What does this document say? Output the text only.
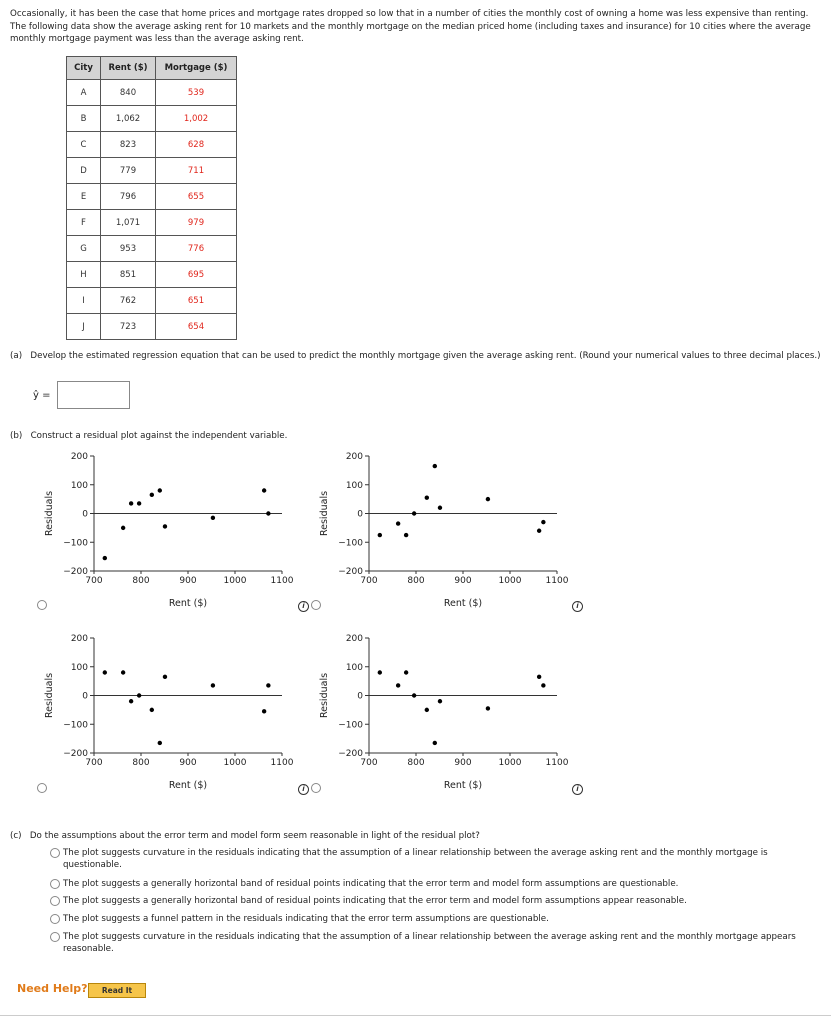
Occasionally, it has been the case that home prices and mortgage rates dropped so low that in a number of cities the monthly cost of owning a home was less expensive than renting. The following data show the average asking rent for 10 markets and the monthly mortgage on the median priced home (including taxes and insurance) for 10 cities where the average monthly mortgage payment was less than the average asking rent.
City	Rent ($)	Mortgage ($)
A	840	539
B	1,062	1,002
C	823	628
D	779	711
E	796	655
F	1,071	979
G	953	776
H	851	695
I	762	651
J	723	654
(a) Develop the estimated regression equation that can be used to predict the monthly mortgage given the average asking rent. (Round your numerical values to three decimal places.)
ŷ =
(b) Construct a residual plot against the independent variable.
200
100
0
−100
−200
700	800	900	1000	1100
Residuals
Rent ($)
200
100
0
−100
−200
700	800	900	1000	1100
Residuals
Rent ($)
200
100
0
−100
−200
700	800	900	1000	1100
Residuals
Rent ($)
200
100
0
−100
−200
700	800	900	1000	1100
Residuals
Rent ($)
i	i
i	i
(c) Do the assumptions about the error term and model form seem reasonable in light of the residual plot?
The plot suggests curvature in the residuals indicating that the assumption of a linear relationship between the average asking rent and the monthly mortgage is questionable.
The plot suggests a generally horizontal band of residual points indicating that the error term and model form assumptions are questionable.
The plot suggests a generally horizontal band of residual points indicating that the error term and model form assumptions appear reasonable.
The plot suggests a funnel pattern in the residuals indicating that the error term assumptions are questionable.
The plot suggests curvature in the residuals indicating that the assumption of a linear relationship between the average asking rent and the monthly mortgage appears reasonable.
Need Help?	Read It
